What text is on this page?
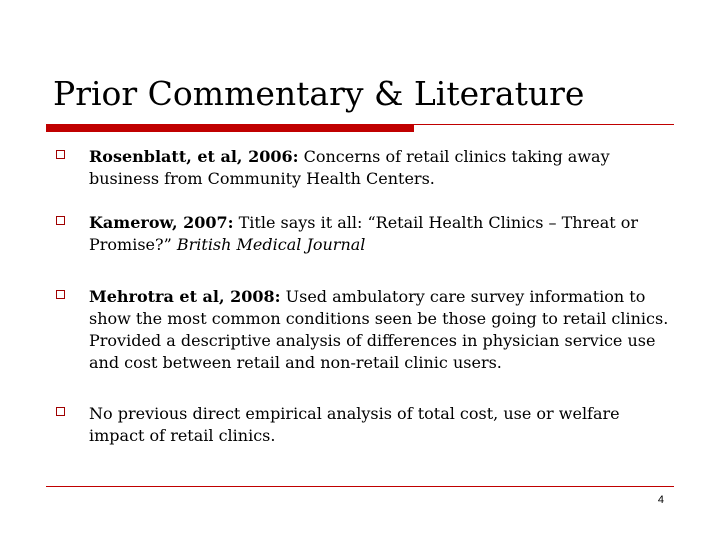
Prior Commentary & Literature
Rosenblatt, et al, 2006: Concerns of retail clinics taking away business from Community Health Centers.
Kamerow, 2007: Title says it all: “Retail Health Clinics – Threat or Promise?” British Medical Journal
Mehrotra et al, 2008: Used ambulatory care survey information to show the most common conditions seen be those going to retail clinics. Provided a descriptive analysis of differences in physician service use and cost between retail and non-retail clinic users.
No previous direct empirical analysis of total cost, use or welfare impact of retail clinics.
4
